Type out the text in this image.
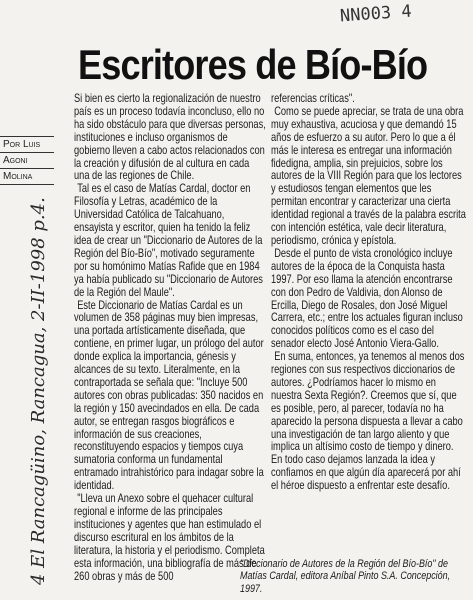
NN003 4
4 El Rancagüino, Rancagua, 2-II-1998 p.4.
Escritores de Bío-Bío
Por Luis
Agoni
Molina

Si bien es cierto la regionalización de nuestro país es un proceso todavía inconcluso, ello no ha sido obstáculo para que diversas personas, instituciones e incluso organismos de gobierno lleven a cabo actos relacionados con la creación y difusión de al cultura en cada una de las regiones de Chile.

Tal es el caso de Matías Cardal, doctor en Filosofía y Letras, académico de la Universidad Católica de Talcahuano, ensayista y escritor, quien ha tenido la feliz idea de crear un "Diccionario de Autores de la Región del Bío-Bío", motivado seguramente por su homónimo Matías Rafide que en 1984 ya había publicado su "Diccionario de Autores de la Región del Maule".

Este Diccionario de Matías Cardal es un volumen de 358 páginas muy bien impresas, una portada artísticamente diseñada, que contiene, en primer lugar, un prólogo del autor donde explica la importancia, génesis y alcances de su texto. Literalmente, en la contraportada se señala que: "Incluye 500 autores con obras publicadas: 350 nacidos en la región y 150 avecindados en ella. De cada autor, se entregan rasgos biográficos e información de sus creaciones, reconstituyendo espacios y tiempos cuya sumatoria conforma un fundamental entramado intrahistórico para indagar sobre la identidad.

"Lleva un Anexo sobre el quehacer cultural regional e informe de las principales instituciones y agentes que han estimulado el discurso escritural en los ámbitos de la literatura, la historia y el periodismo. Completa esta información, una bibliografía de más de 260 obras y más de 500

referencias críticas".

Como se puede apreciar, se trata de una obra muy exhaustiva, acuciosa y que demandó 15 años de esfuerzo a su autor. Pero lo que a él más le interesa es entregar una información fidedigna, amplia, sin prejuicios, sobre los autores de la VIII Región para que los lectores y estudiosos tengan elementos que les permitan encontrar y caracterizar una cierta identidad regional a través de la palabra escrita con intención estética, vale decir literatura, periodismo, crónica y epístola.

Desde el punto de vista cronológico incluye autores de la época de la Conquista hasta 1997. Por eso llama la atención encontrarse con don Pedro de Valdivia, don Alonso de Ercilla, Diego de Rosales, don José Miguel Carrera, etc.; entre los actuales figuran incluso conocidos políticos como es el caso del senador electo José Antonio Viera-Gallo.

En suma, entonces, ya tenemos al menos dos regiones con sus respectivos diccionarios de autores. ¿Podríamos hacer lo mismo en nuestra Sexta Región?. Creemos que sí, que es posible, pero, al parecer, todavía no ha aparecido la persona dispuesta a llevar a cabo una investigación de tan largo aliento y que implica un altísimo costo de tiempo y dinero. En todo caso dejamos lanzada la idea y confiamos en que algún día aparecerá por ahí el héroe dispuesto a enfrentar este desafío.

"Diccionario de Autores de la Región del Bío-Bío" de Matías Cardal, editora Aníbal Pinto S.A. Concepción, 1997.
